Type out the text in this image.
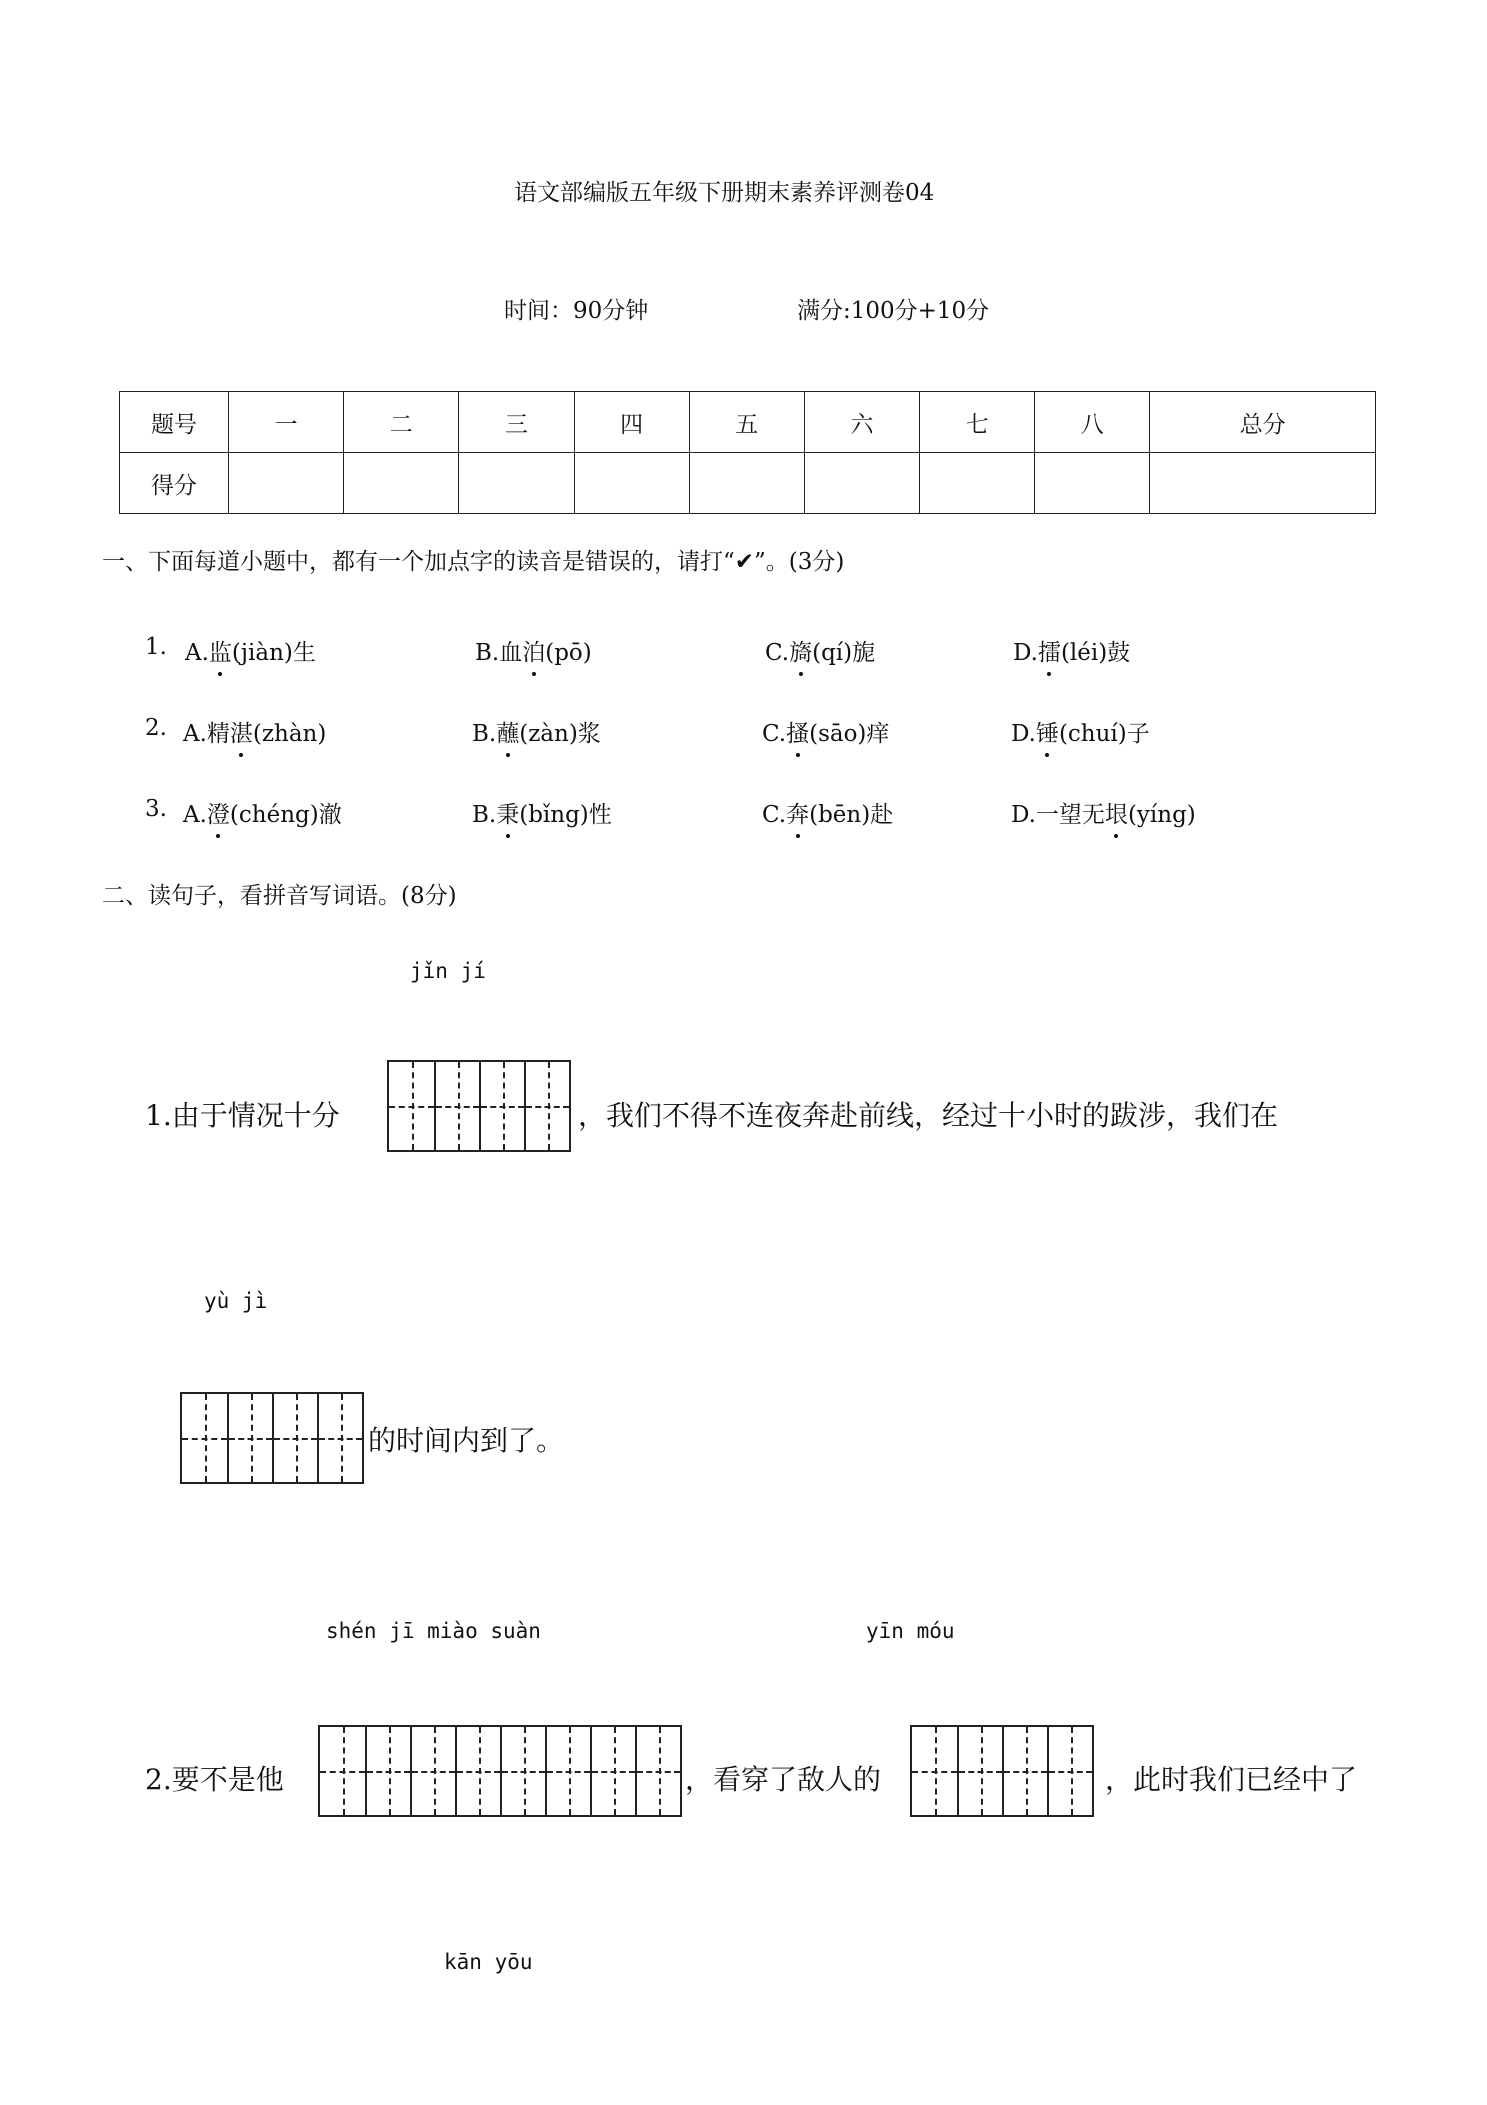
语文部编版五年级下册期末素养评测卷04
时间：90分钟	满分:100分+10分
题号	一	二	三	四	五	六	七	八	总分
得分									
一、下面每道小题中，都有一个加点字的读音是错误的，请打“✔”。(3分)
1. A.监(jiàn)生	B.血泊(pō)	C.旖(qí)旎	D.擂(léi)鼓
2. A.精湛(zhàn)	B.蘸(zàn)浆	C.搔(sāo)痒	D.锤(chuí)子
3. A.澄(chéng)澈	B.秉(bǐng)性	C.奔(bēn)赴	D.一望无垠(yíng)
二、读句子，看拼音写词语。(8分)
jǐn jí
1.由于情况十分	，我们不得不连夜奔赴前线，经过十小时的跋涉，我们在
yù jì
的时间内到了。
shén jī miào suàn	yīn móu
2.要不是他	，看穿了敌人的	，此时我们已经中了
kān yōu
